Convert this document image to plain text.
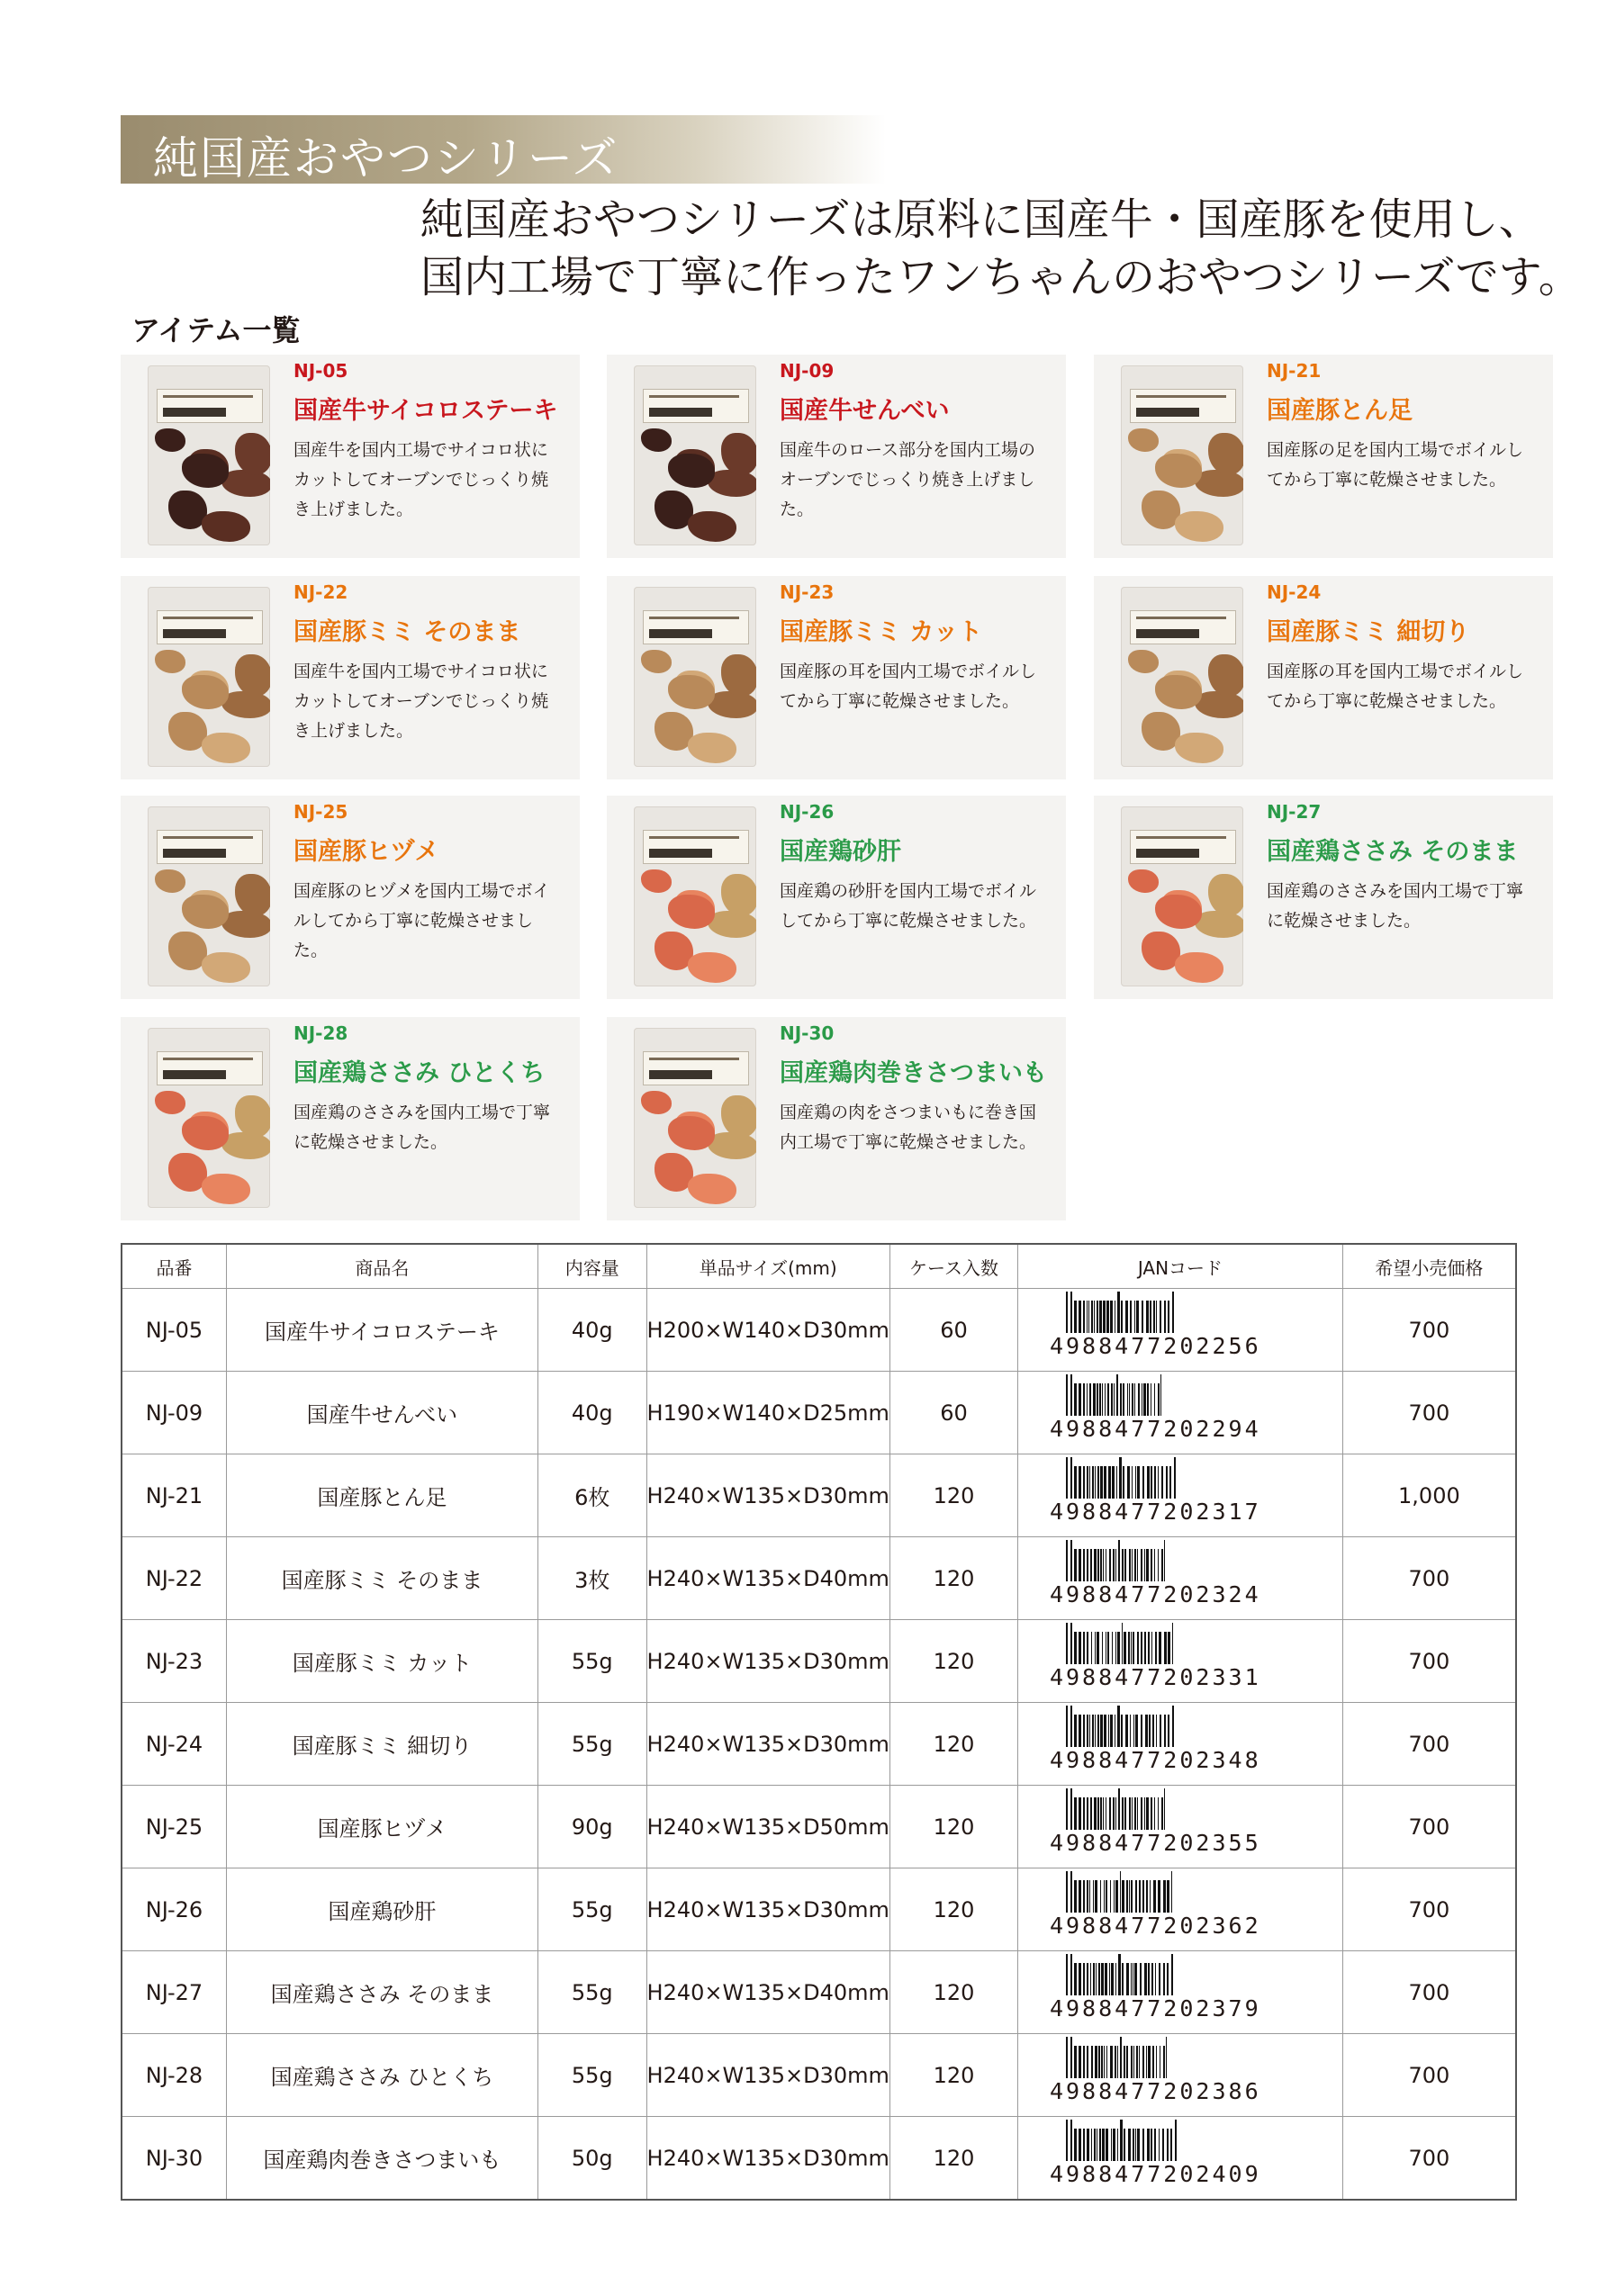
純国産おやつシリーズ
純国産おやつシリーズは原料に国産牛・国産豚を使用し、
国内工場で丁寧に作ったワンちゃんのおやつシリーズです。
アイテム一覧
NJ-05
国産牛サイコロステーキ
国産牛を国内工場でサイコロ状にカットしてオーブンでじっくり焼き上げました。
NJ-09
国産牛せんべい
国産牛のロース部分を国内工場のオーブンでじっくり焼き上げました。
NJ-21
国産豚とん足
国産豚の足を国内工場でボイルしてから丁寧に乾燥させました。
NJ-22
国産豚ミミ そのまま
国産牛を国内工場でサイコロ状にカットしてオーブンでじっくり焼き上げました。
NJ-23
国産豚ミミ カット
国産豚の耳を国内工場でボイルしてから丁寧に乾燥させました。
NJ-24
国産豚ミミ 細切り
国産豚の耳を国内工場でボイルしてから丁寧に乾燥させました。
NJ-25
国産豚ヒヅメ
国産豚のヒヅメを国内工場でボイルしてから丁寧に乾燥させました。
NJ-26
国産鶏砂肝
国産鶏の砂肝を国内工場でボイルしてから丁寧に乾燥させました。
NJ-27
国産鶏ささみ そのまま
国産鶏のささみを国内工場で丁寧に乾燥させました。
NJ-28
国産鶏ささみ ひとくち
国産鶏のささみを国内工場で丁寧に乾燥させました。
NJ-30
国産鶏肉巻きさつまいも
国産鶏の肉をさつまいもに巻き国内工場で丁寧に乾燥させました。
品番	商品名	内容量	単品サイズ(mm)	ケース入数	JANコード	希望小売価格
NJ-05	国産牛サイコロステーキ	40g	H200×W140×D30mm	60	4988477202256	700
NJ-09	国産牛せんべい	40g	H190×W140×D25mm	60	4988477202294	700
NJ-21	国産豚とん足	6枚	H240×W135×D30mm	120	4988477202317	1,000
NJ-22	国産豚ミミ そのまま	3枚	H240×W135×D40mm	120	4988477202324	700
NJ-23	国産豚ミミ カット	55g	H240×W135×D30mm	120	4988477202331	700
NJ-24	国産豚ミミ 細切り	55g	H240×W135×D30mm	120	4988477202348	700
NJ-25	国産豚ヒヅメ	90g	H240×W135×D50mm	120	4988477202355	700
NJ-26	国産鶏砂肝	55g	H240×W135×D30mm	120	4988477202362	700
NJ-27	国産鶏ささみ そのまま	55g	H240×W135×D40mm	120	4988477202379	700
NJ-28	国産鶏ささみ ひとくち	55g	H240×W135×D30mm	120	4988477202386	700
NJ-30	国産鶏肉巻きさつまいも	50g	H240×W135×D30mm	120	4988477202409	700
